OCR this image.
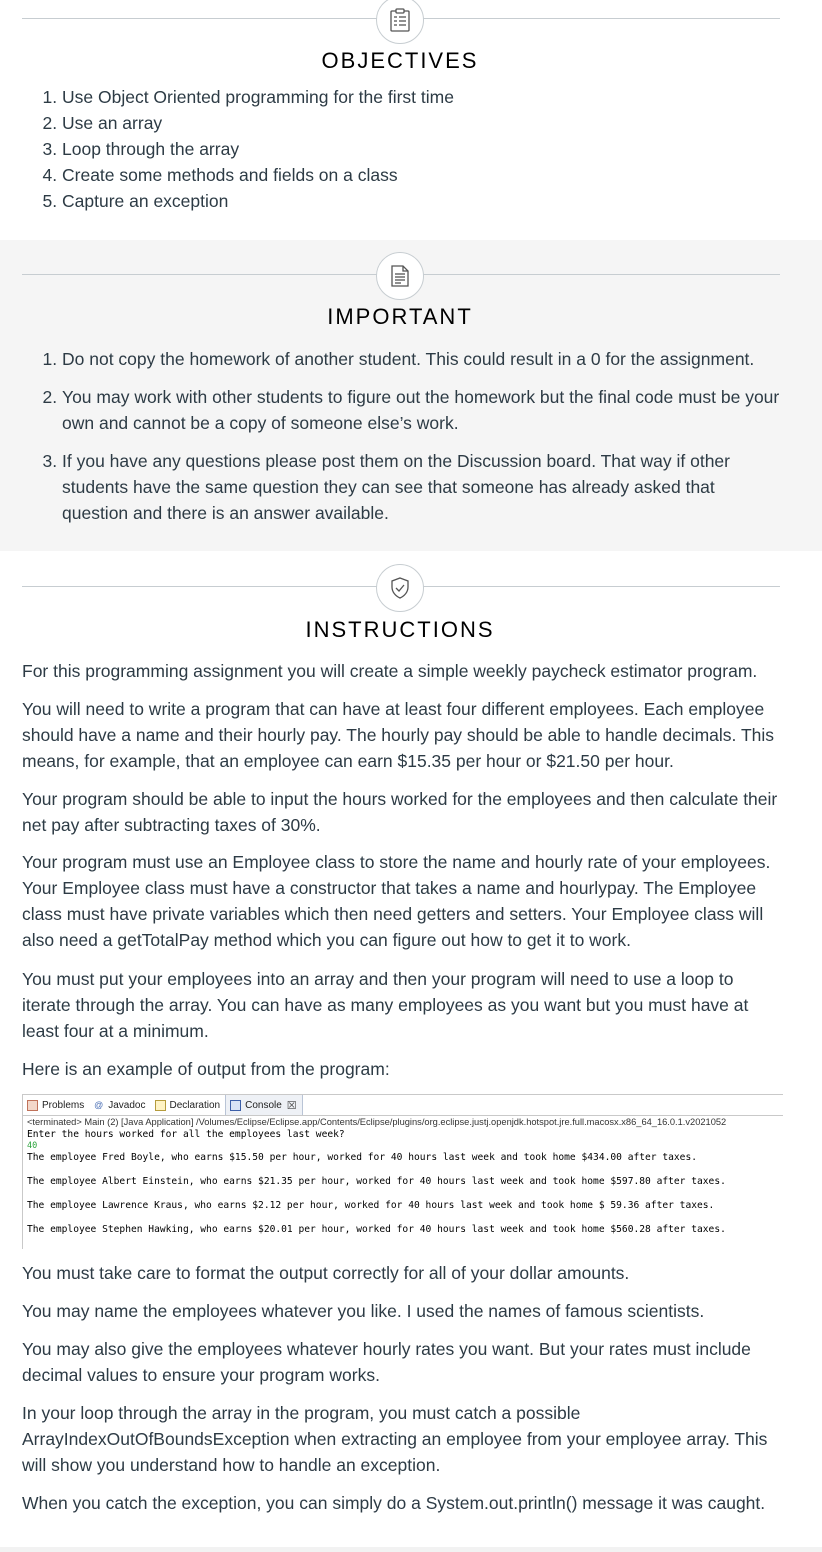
OBJECTIVES
1. Use Object Oriented programming for the first time
2. Use an array
3. Loop through the array
4. Create some methods and fields on a class
5. Capture an exception
IMPORTANT
1. Do not copy the homework of another student. This could result in a 0 for the assignment.
2. You may work with other students to figure out the homework but the final code must be your own and cannot be a copy of someone else’s work.
3. If you have any questions please post them on the Discussion board. That way if other students have the same question they can see that someone has already asked that question and there is an answer available.
INSTRUCTIONS

For this programming assignment you will create a simple weekly paycheck estimator program.

You will need to write a program that can have at least four different employees. Each employee should have a name and their hourly pay. The hourly pay should be able to handle decimals. This means, for example, that an employee can earn $15.35 per hour or $21.50 per hour.

Your program should be able to input the hours worked for the employees and then calculate their net pay after subtracting taxes of 30%.

Your program must use an Employee class to store the name and hourly rate of your employees. Your Employee class must have a constructor that takes a name and hourlypay. The Employee class must have private variables which then need getters and setters. Your Employee class will also need a getTotalPay method which you can figure out how to get it to work.

You must put your employees into an array and then your program will need to use a loop to iterate through the array. You can have as many employees as you want but you must have at least four at a minimum.

Here is an example of output from the program:

You must take care to format the output correctly for all of your dollar amounts.

You may name the employees whatever you like. I used the names of famous scientists.

You may also give the employees whatever hourly rates you want. But your rates must include decimal values to ensure your program works.

In your loop through the array in the program, you must catch a possible ArrayIndexOutOfBoundsException when extracting an employee from your employee array. This will show you understand how to handle an exception.

When you catch the exception, you can simply do a System.out.println() message it was caught.

Problems @ Javadoc Declaration	Console ☒
<terminated> Main (2) [Java Application] /Volumes/Eclipse/Eclipse.app/Contents/Eclipse/plugins/org.eclipse.justj.openjdk.hotspot.jre.full.macosx.x86_64_16.0.1.v2021052
Enter the hours worked for all the employees last week?
40
The employee Fred Boyle, who earns $15.50 per hour, worked for 40 hours last week and took home $434.00 after taxes.
The employee Albert Einstein, who earns $21.35 per hour, worked for 40 hours last week and took home $597.80 after taxes.
The employee Lawrence Kraus, who earns $2.12 per hour, worked for 40 hours last week and took home $ 59.36 after taxes.
The employee Stephen Hawking, who earns $20.01 per hour, worked for 40 hours last week and took home $560.28 after taxes.
